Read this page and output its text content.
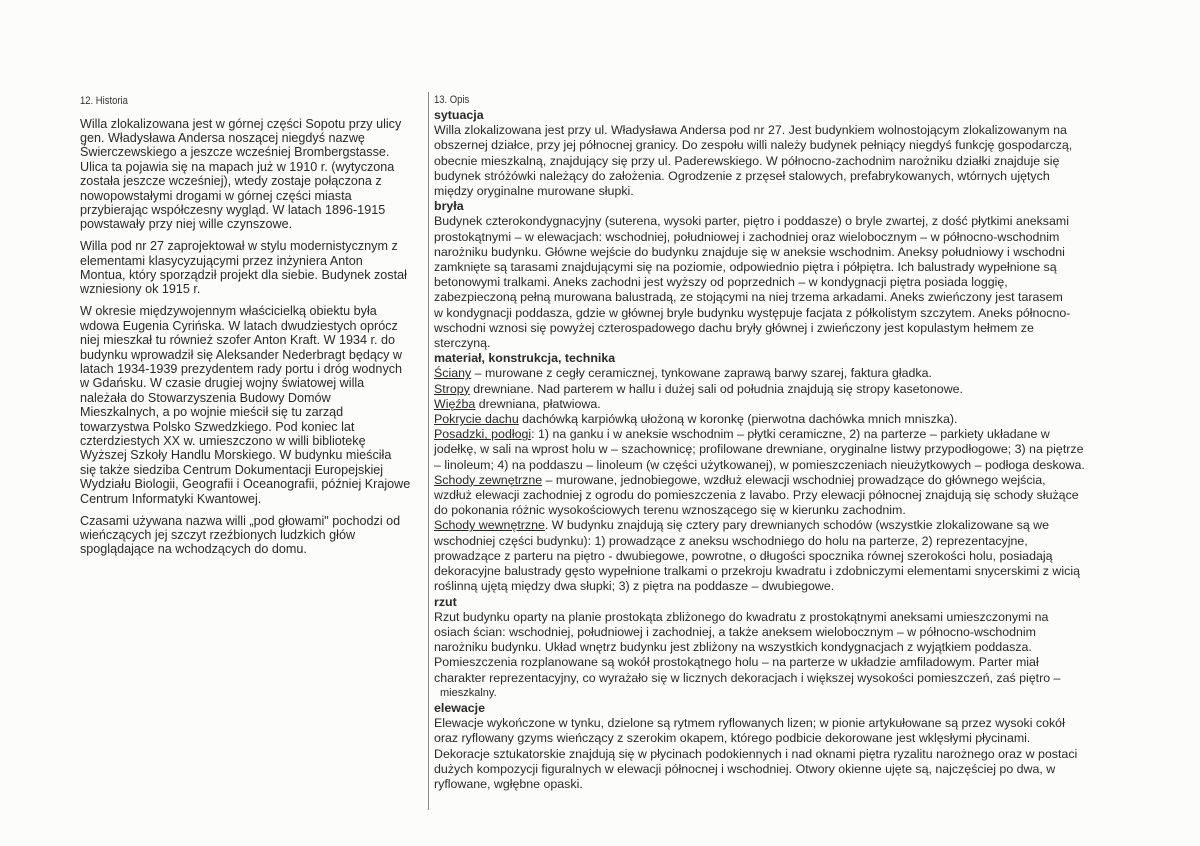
12. Historia
Willa zlokalizowana jest w górnej części Sopotu przy ulicy
gen. Władysława Andersa noszącej niegdyś nazwę
Świerczewskiego a jeszcze wcześniej Brombergstasse.
Ulica ta pojawia się na mapach już w 1910 r. (wytyczona
została jeszcze wcześniej), wtedy zostaje połączona z
nowopowstałymi drogami w górnej części miasta
przybierając współczesny wygląd. W latach 1896-1915
powstawały przy niej wille czynszowe.
Willa pod nr 27 zaprojektował w stylu modernistycznym z
elementami klasycyzującymi przez inżyniera Anton
Montua, który sporządził projekt dla siebie. Budynek został
wzniesiony ok 1915 r.
W okresie międzywojennym właścicielką obiektu była
wdowa Eugenia Cyrińska. W latach dwudziestych oprócz
niej mieszkał tu również szofer Anton Kraft. W 1934 r. do
budynku wprowadził się Aleksander Nederbragt będący w
latach 1934-1939 prezydentem rady portu i dróg wodnych
w Gdańsku. W czasie drugiej wojny światowej willa
należała do Stowarzyszenia Budowy Domów
Mieszkalnych, a po wojnie mieścił się tu zarząd
towarzystwa Polsko Szwedzkiego. Pod koniec lat
czterdziestych XX w. umieszczono w willi bibliotekę
Wyższej Szkoły Handlu Morskiego. W budynku mieściła
się także siedziba Centrum Dokumentacji Europejskiej
Wydziału Biologii, Geografii i Oceanografii, później Krajowe
Centrum Informatyki Kwantowej.
Czasami używana nazwa willi „pod głowami" pochodzi od
wieńczących jej szczyt rzeźbionych ludzkich głów
spoglądające na wchodzących do domu.
13. Opis
sytuacja
Willa zlokalizowana jest przy ul. Władysława Andersa pod nr 27. Jest budynkiem wolnostojącym zlokalizowanym na
obszernej działce, przy jej północnej granicy. Do zespołu willi należy budynek pełniący niegdyś funkcję gospodarczą,
obecnie mieszkalną, znajdujący się przy ul. Paderewskiego. W północno-zachodnim narożniku działki znajduje się
budynek stróżówki należący do założenia. Ogrodzenie z przęseł stalowych, prefabrykowanych, wtórnych ujętych
między oryginalne murowane słupki.
bryła
Budynek czterokondygnacyjny (suterena, wysoki parter, piętro i poddasze) o bryle zwartej, z dość płytkimi aneksami
prostokątnymi – w elewacjach: wschodniej, południowej i zachodniej oraz wielobocznym – w północno-wschodnim
narożniku budynku. Główne wejście do budynku znajduje się w aneksie wschodnim. Aneksy południowy i wschodni
zamknięte są tarasami znajdującymi się na poziomie, odpowiednio piętra i półpiętra. Ich balustrady wypełnione są
betonowymi tralkami. Aneks zachodni jest wyższy od poprzednich – w kondygnacji piętra posiada loggię,
zabezpieczoną pełną murowana balustradą, ze stojącymi na niej trzema arkadami. Aneks zwieńczony jest tarasem
w kondygnacji poddasza, gdzie w głównej bryle budynku występuje facjata z półkolistym szczytem. Aneks północno-
wschodni wznosi się powyżej czterospadowego dachu bryły głównej i zwieńczony jest kopulastym hełmem ze
sterczyną.
materiał, konstrukcja, technika
Ściany – murowane z cegły ceramicznej, tynkowane zaprawą barwy szarej, faktura gładka.
Stropy drewniane. Nad parterem w hallu i dużej sali od południa znajdują się stropy kasetonowe.
Więźba drewniana, płatwiowa.
Pokrycie dachu dachówką karpiówką ułożoną w koronkę (pierwotna dachówka mnich mniszka).
Posadzki, podłogi: 1) na ganku i w aneksie wschodnim – płytki ceramiczne, 2) na parterze – parkiety układane w
jodełkę, w sali na wprost holu w – szachownicę; profilowane drewniane, oryginalne listwy przypodłogowe; 3) na piętrze
– linoleum; 4) na poddaszu – linoleum (w części użytkowanej), w pomieszczeniach nieużytkowych – podłoga deskowa.
Schody zewnętrzne – murowane, jednobiegowe, wzdłuż elewacji wschodniej prowadzące do głównego wejścia,
wzdłuż elewacji zachodniej z ogrodu do pomieszczenia z lavabo. Przy elewacji północnej znajdują się schody służące
do pokonania różnic wysokościowych terenu wznoszącego się w kierunku zachodnim.
Schody wewnętrzne. W budynku znajdują się cztery pary drewnianych schodów (wszystkie zlokalizowane są we
wschodniej części budynku): 1) prowadzące z aneksu wschodniego do holu na parterze, 2) reprezentacyjne,
prowadzące z parteru na piętro - dwubiegowe, powrotne, o długości spocznika równej szerokości holu, posiadają
dekoracyjne balustrady gęsto wypełnione tralkami o przekroju kwadratu i zdobniczymi elementami snycerskimi z wicią
roślinną ujętą między dwa słupki; 3) z piętra na poddasze – dwubiegowe.
rzut
Rzut budynku oparty na planie prostokąta zbliżonego do kwadratu z prostokątnymi aneksami umieszczonymi na
osiach ścian: wschodniej, południowej i zachodniej, a także aneksem wielobocznym – w północno-wschodnim
narożniku budynku. Układ wnętrz budynku jest zbliżony na wszystkich kondygnacjach z wyjątkiem poddasza.
Pomieszczenia rozplanowane są wokół prostokątnego holu – na parterze w układzie amfiladowym. Parter miał
charakter reprezentacyjny, co wyrażało się w licznych dekoracjach i większej wysokości pomieszczeń, zaś piętro –
mieszkalny.
elewacje
Elewacje wykończone w tynku, dzielone są rytmem ryflowanych lizen; w pionie artykułowane są przez wysoki cokół
oraz ryflowany gzyms wieńczący z szerokim okapem, którego podbicie dekorowane jest wklęsłymi płycinami.
Dekoracje sztukatorskie znajdują się w płycinach podokiennych i nad oknami piętra ryzalitu narożnego oraz w postaci
dużych kompozycji figuralnych w elewacji północnej i wschodniej. Otwory okienne ujęte są, najczęściej po dwa, w
ryflowane, wgłębne opaski.
